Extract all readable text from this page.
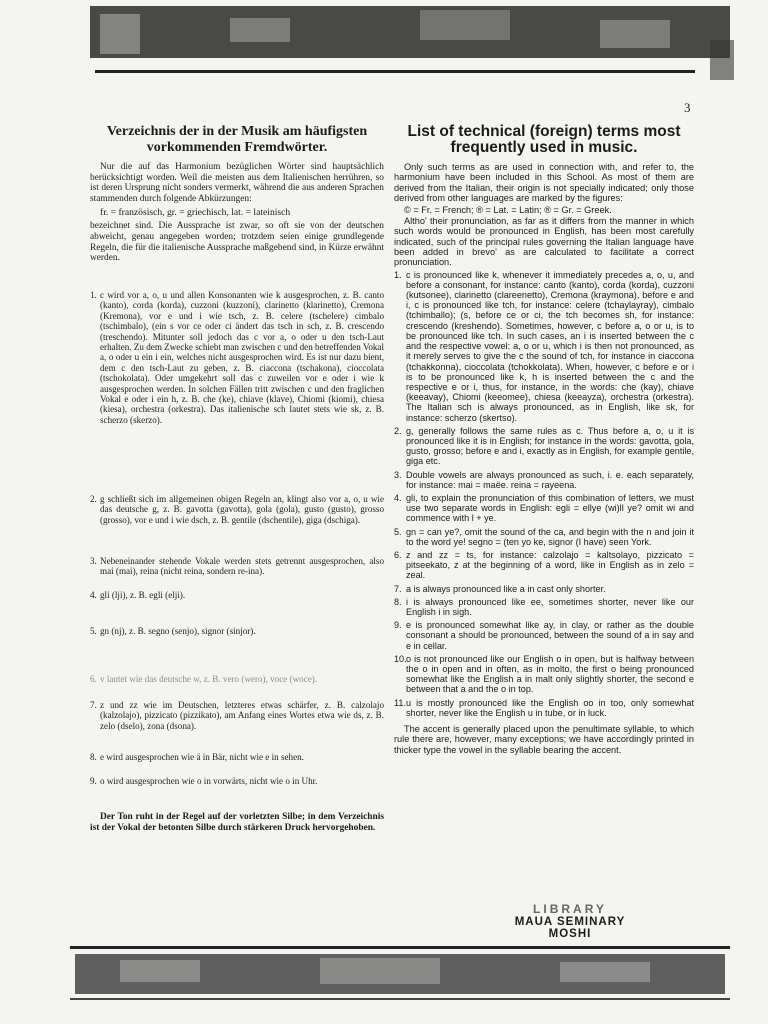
3
Verzeichnis der in der Musik am häufigsten vorkommenden Fremdwörter.

Nur die auf das Harmonium bezüglichen Wörter sind hauptsächlich berücksichtigt worden. Weil die meisten aus dem Italienischen herrühren, so ist deren Ursprung nicht sonders vermerkt, während die aus anderen Sprachen stammenden durch folgende Abkürzungen:

fr. = französisch, gr. = griechisch, lat. = lateinisch

bezeichnet sind. Die Aussprache ist zwar, so oft sie von der deutschen abweicht, genau angegeben worden; trotzdem seien einige grundlegende Regeln, die für die italienische Aussprache maßgebend sind, in Kürze erwähnt werden.

1. c wird vor a, o, u und allen Konsonanten wie k ausgesprochen, z. B. canto (kanto), corda (korda), cuzzoni (kuzzoni), clarinetto (klarinetto), Cremona (Kremona), vor e und i wie tsch, z. B. celere (tschelere) cimbalo (tschimbalo), (ein s vor ce oder ci ändert das tsch in sch, z. B. crescendo (treschendo). Mitunter soll jedoch das c vor a, o oder u den tsch-Laut erhalten. Zu dem Zwecke schiebt man zwischen c und den betreffenden Vokal a, o oder u ein i ein, welches nicht ausgesprochen wird. Es ist nur dazu bient, dem c den tsch-Laut zu geben, z. B. ciaccona (tschakona), cioccolata (tschokolata). Oder umgekehrt soll das c zuweilen vor e oder i wie k ausgesprochen werden. In solchen Fällen tritt zwischen c und den fraglichen Vokal e oder i ein h, z. B. che (ke), chiave (klave), Chiomi (kiomi), chiesa (kiesa), orchestra (orkestra). Das italienische sch lautet stets wie sk, z. B. scherzo (skerzo).
2. g schließt sich im allgemeinen obigen Regeln an, klingt also vor a, o, u wie das deutsche g, z. B. gavotta (gavotta), gola (gola), gusto (gusto), grosso (grosso), vor e und i wie dsch, z. B. gentile (dschentile), giga (dschiga).
3. Nebeneinander stehende Vokale werden stets getrennt ausgesprochen, also mai (mai), reina (nicht reina, sondern re-ina).
4. gli (lji), z. B. egli (elji).
5. gn (nj), z. B. segno (senjo), signor (sinjor).
6. v lautet wie das deutsche w, z. B. vero (wero), voce (woce).
7. z und zz wie im Deutschen, letzteres etwas schärfer, z. B. calzolajo (kalzolajo), pizzicato (pizzikato), am Anfang eines Wortes etwa wie ds, z. B. zelo (dselo), zona (dsona).
8. e wird ausgesprochen wie ä in Bär, nicht wie e in sehen.
9. o wird ausgesprochen wie o in vorwärts, nicht wie o in Uhr.
Der Ton ruht in der Regel auf der vorletzten Silbe; in dem Verzeichnis ist der Vokal der betonten Silbe durch stärkeren Druck hervorgehoben.
List of technical (foreign) terms most frequently used in music.

Only such terms as are used in connection with, and refer to, the harmonium have been included in this School. As most of them are derived from the Italian, their origin is not specially indicated; only those derived from other languages are marked by the figures:

© = Fr. = French; ® = Lat. = Latin; ® = Gr. = Greek.

Altho' their pronunciation, as far as it differs from the manner in which such words would be pronounced in English, has been most carefully indicated, such of the principal rules governing the Italian language have been added in brevo' as are calculated to facilitate a correct pronunciation.

1. c is pronounced like k, whenever it immediately precedes a, o, u, and before a consonant, for instance: canto (kanto), corda (korda), cuzzoni (kutsonee), clarinetto (clareenetto), Cremona (kraymona), before e and i, c is pronounced like tch, for instance: celere (tchaylayray), cimbalo (tchimballo); (s, before ce or ci, the tch becomes sh, for instance: crescendo (kreshendo). Sometimes, however, c before a, o or u, is to be pronounced like tch. In such cases, an i is inserted between the c and the respective vowel: a, o or u, which i is then not pronounced, as it merely serves to give the c the sound of tch, for instance in ciaccona (tchakkonna), cioccolata (tchokkolata). When, however, c before e or i is to be pronounced like k, h is inserted between the c and the respective e or i, thus, for instance, in the words: che (kay), chiave (keeavay), Chiomi (keeomee), chiesa (keeayza), orchestra (orkestra). The Italian sch is always pronounced, as in English, like sk, for instance: scherzo (skertso).
2. g, generally follows the same rules as c. Thus before a, o, u it is pronounced like it is in English; for instance in the words: gavotta, gola, gusto, grosso; before e and i, exactly as in English, for example gentile, giga etc.
3. Double vowels are always pronounced as such, i. e. each separately, for instance: mai = maëe. reina = rayeena.
4. gli, to explain the pronunciation of this combination of letters, we must use two separate words in English: egli = ellye (wi)ll ye? omit wi and commence with l + ye.
5. gn = can ye?, omit the sound of the ca, and begin with the n and join it to the word ye! segno = (ten yo ke, signor (I have) seen York.
6. z and zz = ts, for instance: calzolajo = kaltsolayo, pizzicato = pitseekato, z at the beginning of a word, like in English as in zelo = zeal.
7. a is always pronounced like a in cast only shorter.
8. i is always pronounced like ee, sometimes shorter, never like our English i in sigh.
9. e is pronounced somewhat like ay, in clay, or rather as the double consonant a should be pronounced, between the sound of a in say and e in cellar.
10. o is not pronounced like our English o in open, but is halfway between the o in open and in often, as in molto, the first o being pronounced somewhat like the English a in malt only slightly shorter, the second e between that a and the o in top.
11. u is mostly pronounced like the English oo in too, only somewhat shorter, never like the English u in tube, or in luck.

The accent is generally placed upon the penultimate syllable, to which rule there are, however, many exceptions; we have accordingly printed in thicker type the vowel in the syllable bearing the accent.

LIBRARY
MAUA SEMINARY
MOSHI
